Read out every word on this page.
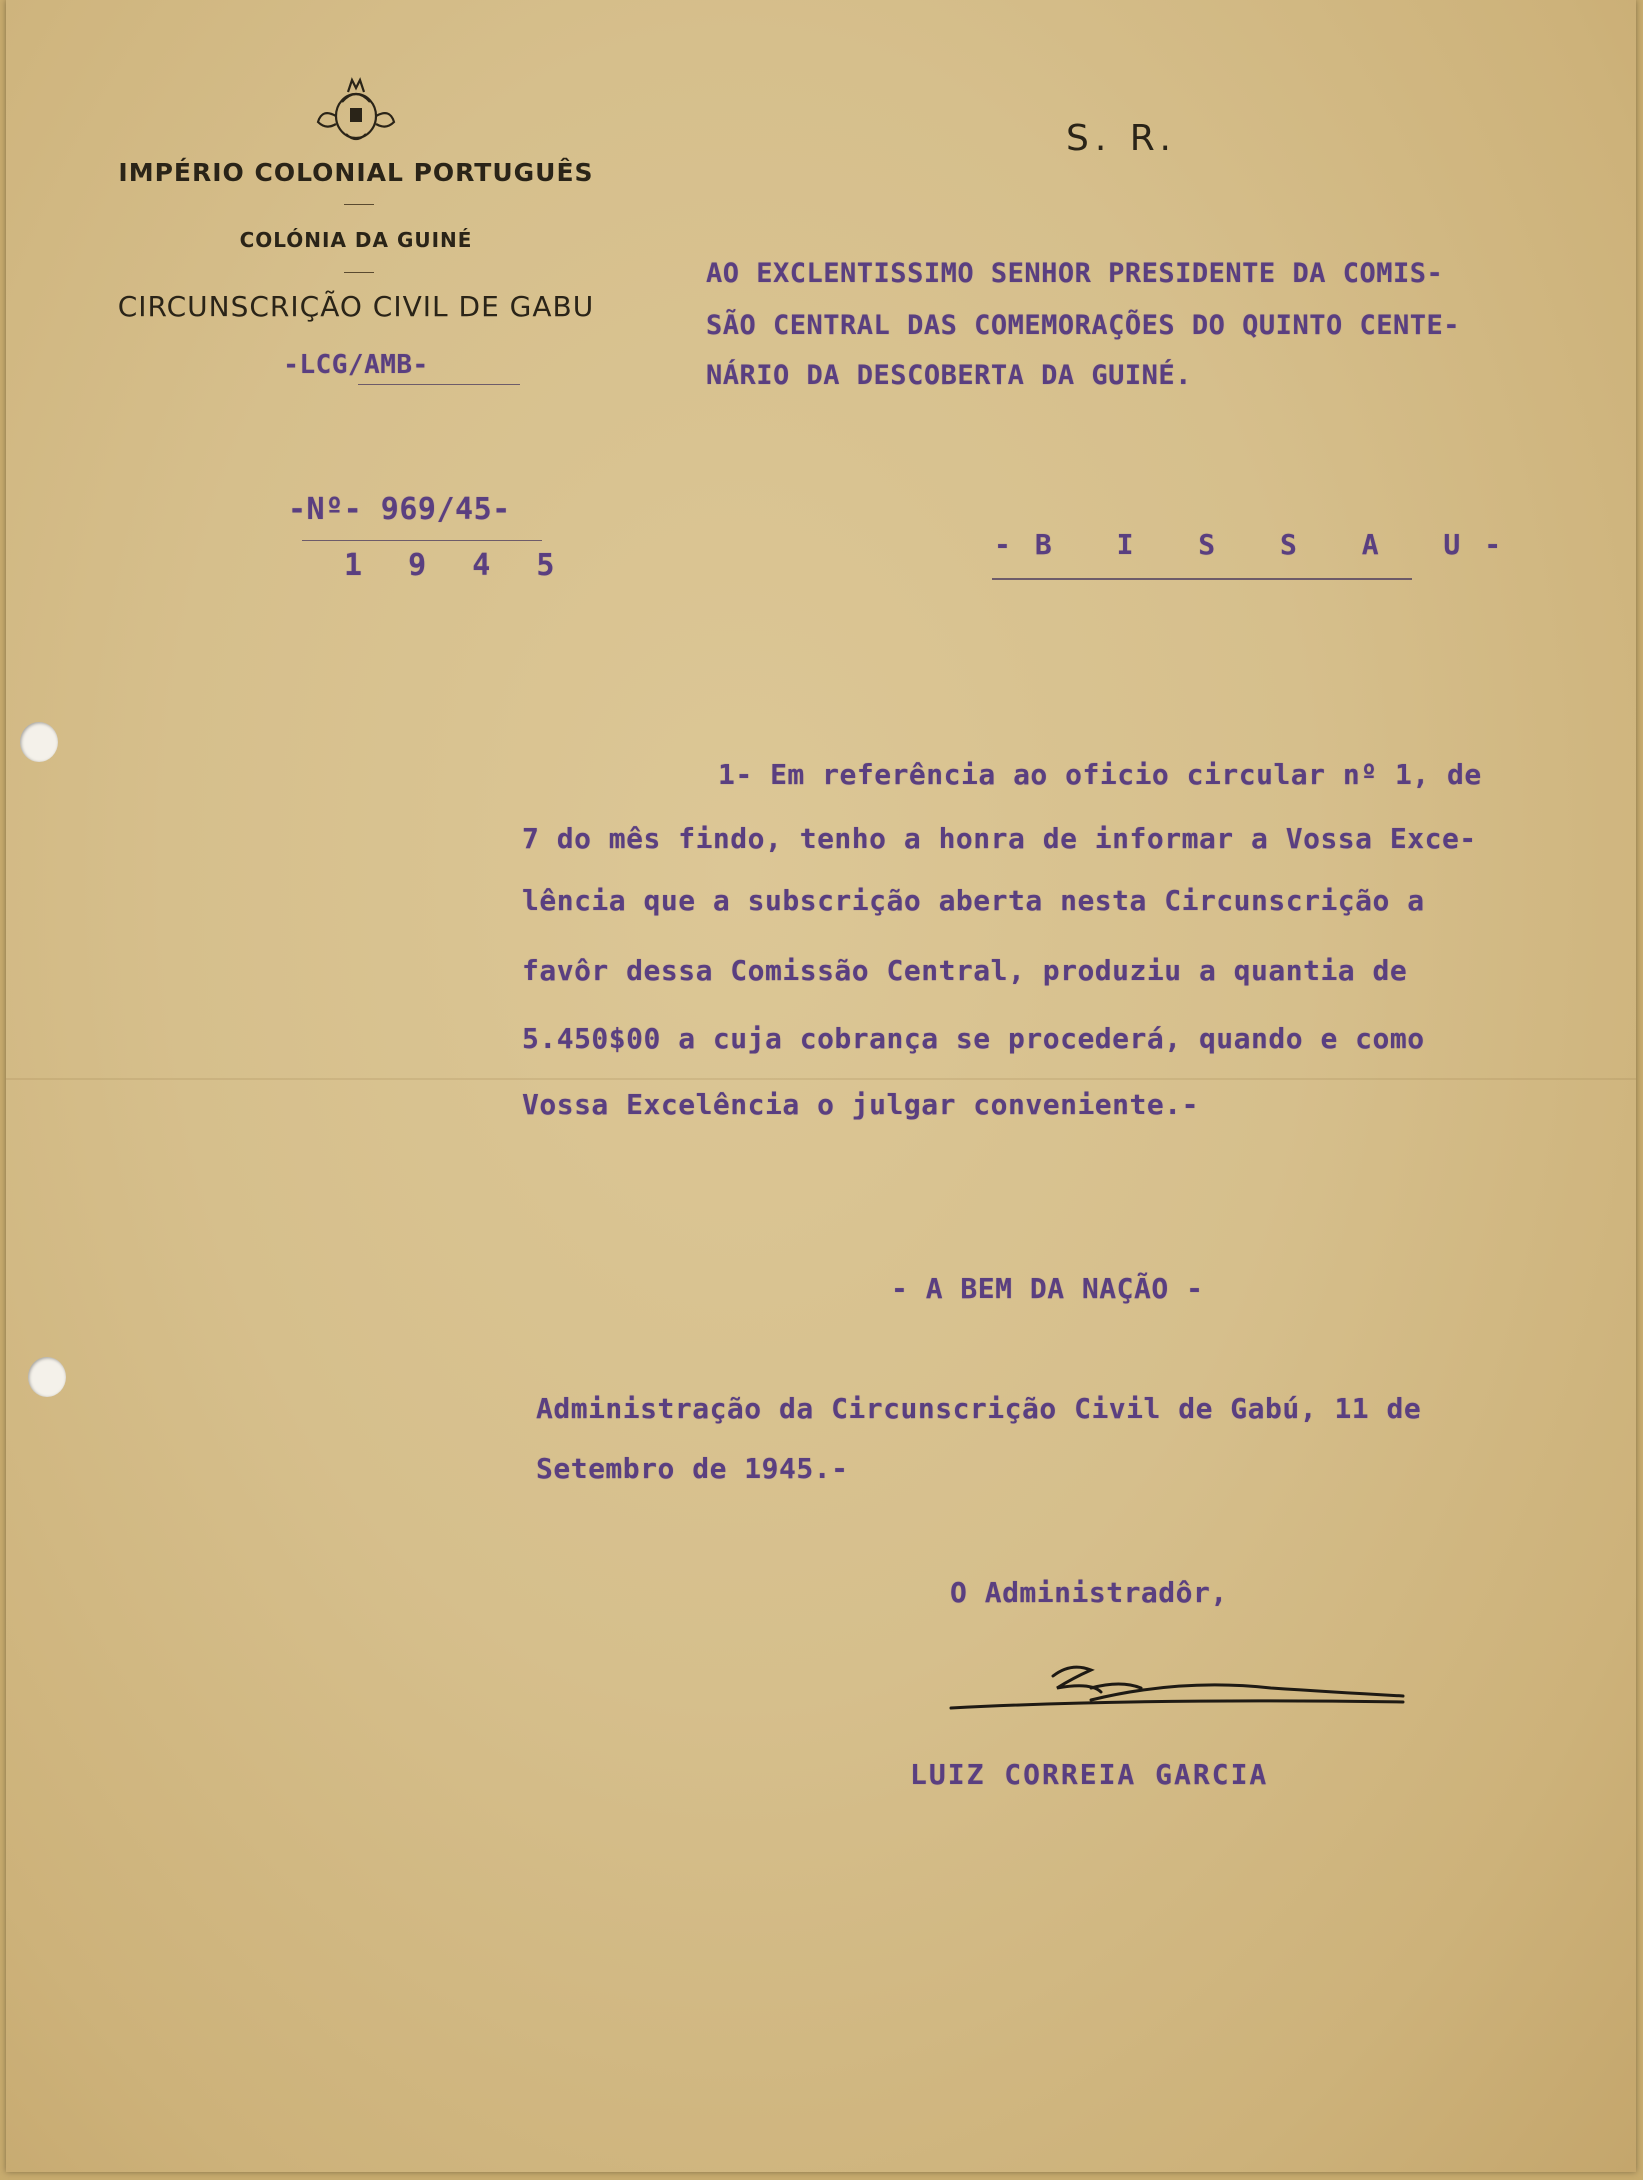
IMPÉRIO COLONIAL PORTUGUÊS
COLÓNIA DA GUINÉ
CIRCUNSCRIÇÃO CIVIL DE GABU
-LCG/AMB-
S. R.
AO EXCLENTISSIMO SENHOR PRESIDENTE DA COMIS-
SÃO CENTRAL DAS COMEMORAÇÕES DO QUINTO CENTE-
NÁRIO DA DESCOBERTA DA GUINÉ.
-Nº- 969/45-
1 9 4 5
-B I S S A U-
1- Em referência ao oficio circular nº 1, de
7 do mês findo, tenho a honra de informar a Vossa Exce-
lência que a subscrição aberta nesta Circunscrição a
favôr dessa Comissão Central, produziu a quantia de
5.450$00 a cuja cobrança se procederá, quando e como
Vossa Excelência o julgar conveniente.-
- A BEM DA NAÇÃO -
Administração da Circunscrição Civil de Gabú, 11 de
Setembro de 1945.-
O Administradôr,
LUIZ CORREIA GARCIA
